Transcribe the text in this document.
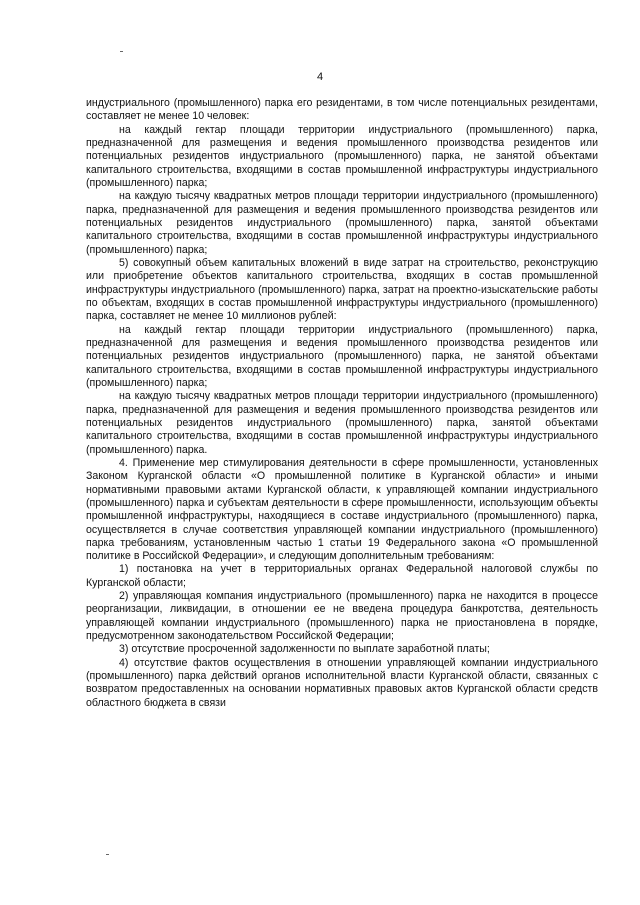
4

индустриального (промышленного) парка его резидентами, в том числе потенциальных резидентами, составляет не менее 10 человек:

на каждый гектар площади территории индустриального (промышленного) парка, предназначенной для размещения и ведения промышленного производства резидентов или потенциальных резидентов индустриального (промышленного) парка, не занятой объектами капитального строительства, входящими в состав промышленной инфраструктуры индустриального (промышленного) парка;

на каждую тысячу квадратных метров площади территории индустриального (промышленного) парка, предназначенной для размещения и ведения промышленного производства резидентов или потенциальных резидентов индустриального (промышленного) парка, занятой объектами капитального строительства, входящими в состав промышленной инфраструктуры индустриального (промышленного) парка;

5) совокупный объем капитальных вложений в виде затрат на строительство, реконструкцию или приобретение объектов капитального строительства, входящих в состав промышленной инфраструктуры индустриального (промышленного) парка, затрат на проектно-изыскательские работы по объектам, входящих в состав промышленной инфраструктуры индустриального (промышленного) парка, составляет не менее 10 миллионов рублей:

на каждый гектар площади территории индустриального (промышленного) парка, предназначенной для размещения и ведения промышленного производства резидентов или потенциальных резидентов индустриального (промышленного) парка, не занятой объектами капитального строительства, входящими в состав промышленной инфраструктуры индустриального (промышленного) парка;

на каждую тысячу квадратных метров площади территории индустриального (промышленного) парка, предназначенной для размещения и ведения промышленного производства резидентов или потенциальных резидентов индустриального (промышленного) парка, занятой объектами капитального строительства, входящими в состав промышленной инфраструктуры индустриального (промышленного) парка.

4. Применение мер стимулирования деятельности в сфере промышленности, установленных Законом Курганской области «О промышленной политике в Курганской области» и иными нормативными правовыми актами Курганской области, к управляющей компании индустриального (промышленного) парка и субъектам деятельности в сфере промышленности, использующим объекты промышленной инфраструктуры, находящиеся в составе индустриального (промышленного) парка, осуществляется в случае соответствия управляющей компании индустриального (промышленного) парка требованиям, установленным частью 1 статьи 19 Федерального закона «О промышленной политике в Российской Федерации», и следующим дополнительным требованиям:

1) постановка на учет в территориальных органах Федеральной налоговой службы по Курганской области;

2) управляющая компания индустриального (промышленного) парка не находится в процессе реорганизации, ликвидации, в отношении ее не введена процедура банкротства, деятельность управляющей компании индустриального (промышленного) парка не приостановлена в порядке, предусмотренном законодательством Российской Федерации;

3) отсутствие просроченной задолженности по выплате заработной платы;

4) отсутствие фактов осуществления в отношении управляющей компании индустриального (промышленного) парка действий органов исполнительной власти Курганской области, связанных с возвратом предоставленных на основании нормативных правовых актов Курганской области средств областного бюджета в связи
